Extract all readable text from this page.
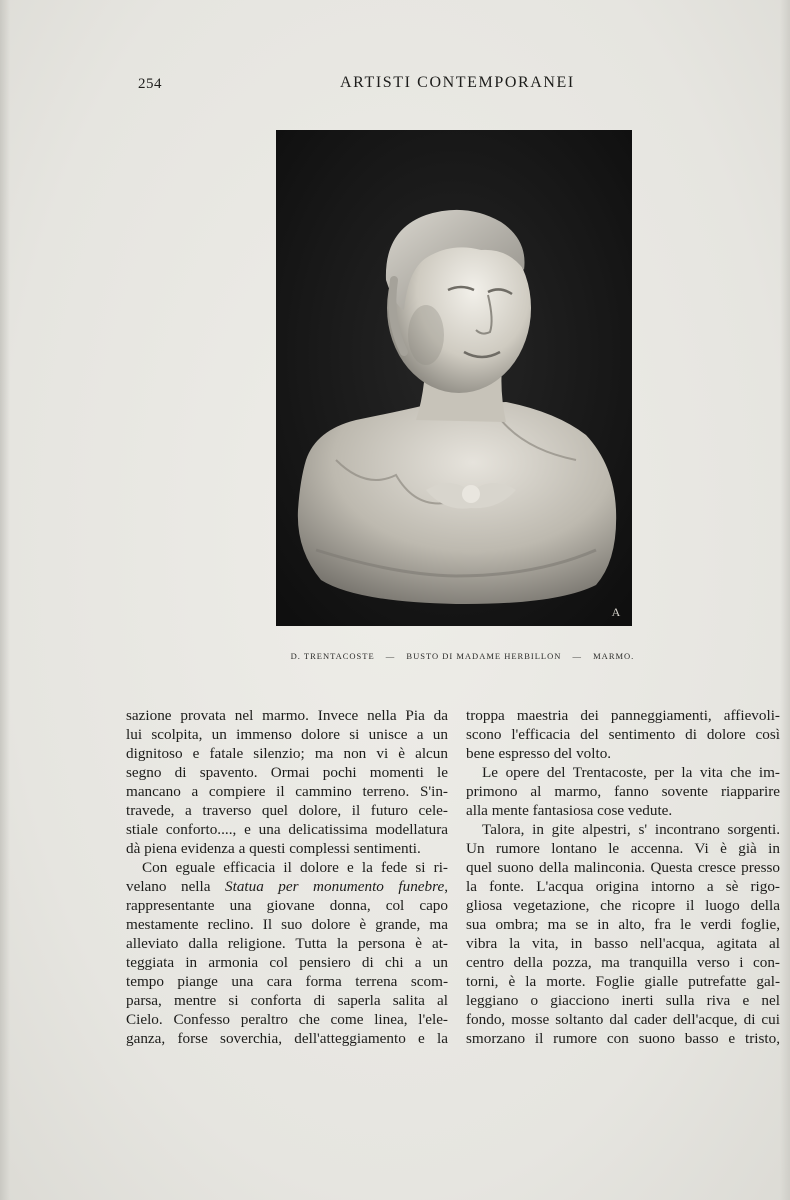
254	ARTISTI CONTEMPORANEI
A
D. TRENTACOSTE — BUSTO DI MADAME HERBILLON — MARMO.
sazione provata nel marmo. Invece nella Pia da
lui scolpita, un immenso dolore si unisce a un
dignitoso e fatale silenzio; ma non vi è alcun
segno di spavento. Ormai pochi momenti le
mancano a compiere il cammino terreno. S'in-
travede, a traverso quel dolore, il futuro cele-
stiale conforto...., e una delicatissima modellatura
dà piena evidenza a questi complessi sentimenti.
Con eguale efficacia il dolore e la fede si ri-
velano nella Statua per monumento funebre,
rappresentante una giovane donna, col capo
mestamente reclino. Il suo dolore è grande, ma
alleviato dalla religione. Tutta la persona è at-
teggiata in armonia col pensiero di chi a un
tempo piange una cara forma terrena scom-
parsa, mentre si conforta di saperla salita al
Cielo. Confesso peraltro che come linea, l'ele-
ganza, forse soverchia, dell'atteggiamento e la
troppa maestria dei panneggiamenti, affievoli-
scono l'efficacia del sentimento di dolore così
bene espresso del volto.
Le opere del Trentacoste, per la vita che im-
primono al marmo, fanno sovente riapparire
alla mente fantasiosa cose vedute.
Talora, in gite alpestri, s' incontrano sorgenti.
Un rumore lontano le accenna. Vi è già in
quel suono della malinconia. Questa cresce presso
la fonte. L'acqua origina intorno a sè rigo-
gliosa vegetazione, che ricopre il luogo della
sua ombra; ma se in alto, fra le verdi foglie,
vibra la vita, in basso nell'acqua, agitata al
centro della pozza, ma tranquilla verso i con-
torni, è la morte. Foglie gialle putrefatte gal-
leggiano o giacciono inerti sulla riva e nel
fondo, mosse soltanto dal cader dell'acque, di cui
smorzano il rumore con suono basso e tristo,
